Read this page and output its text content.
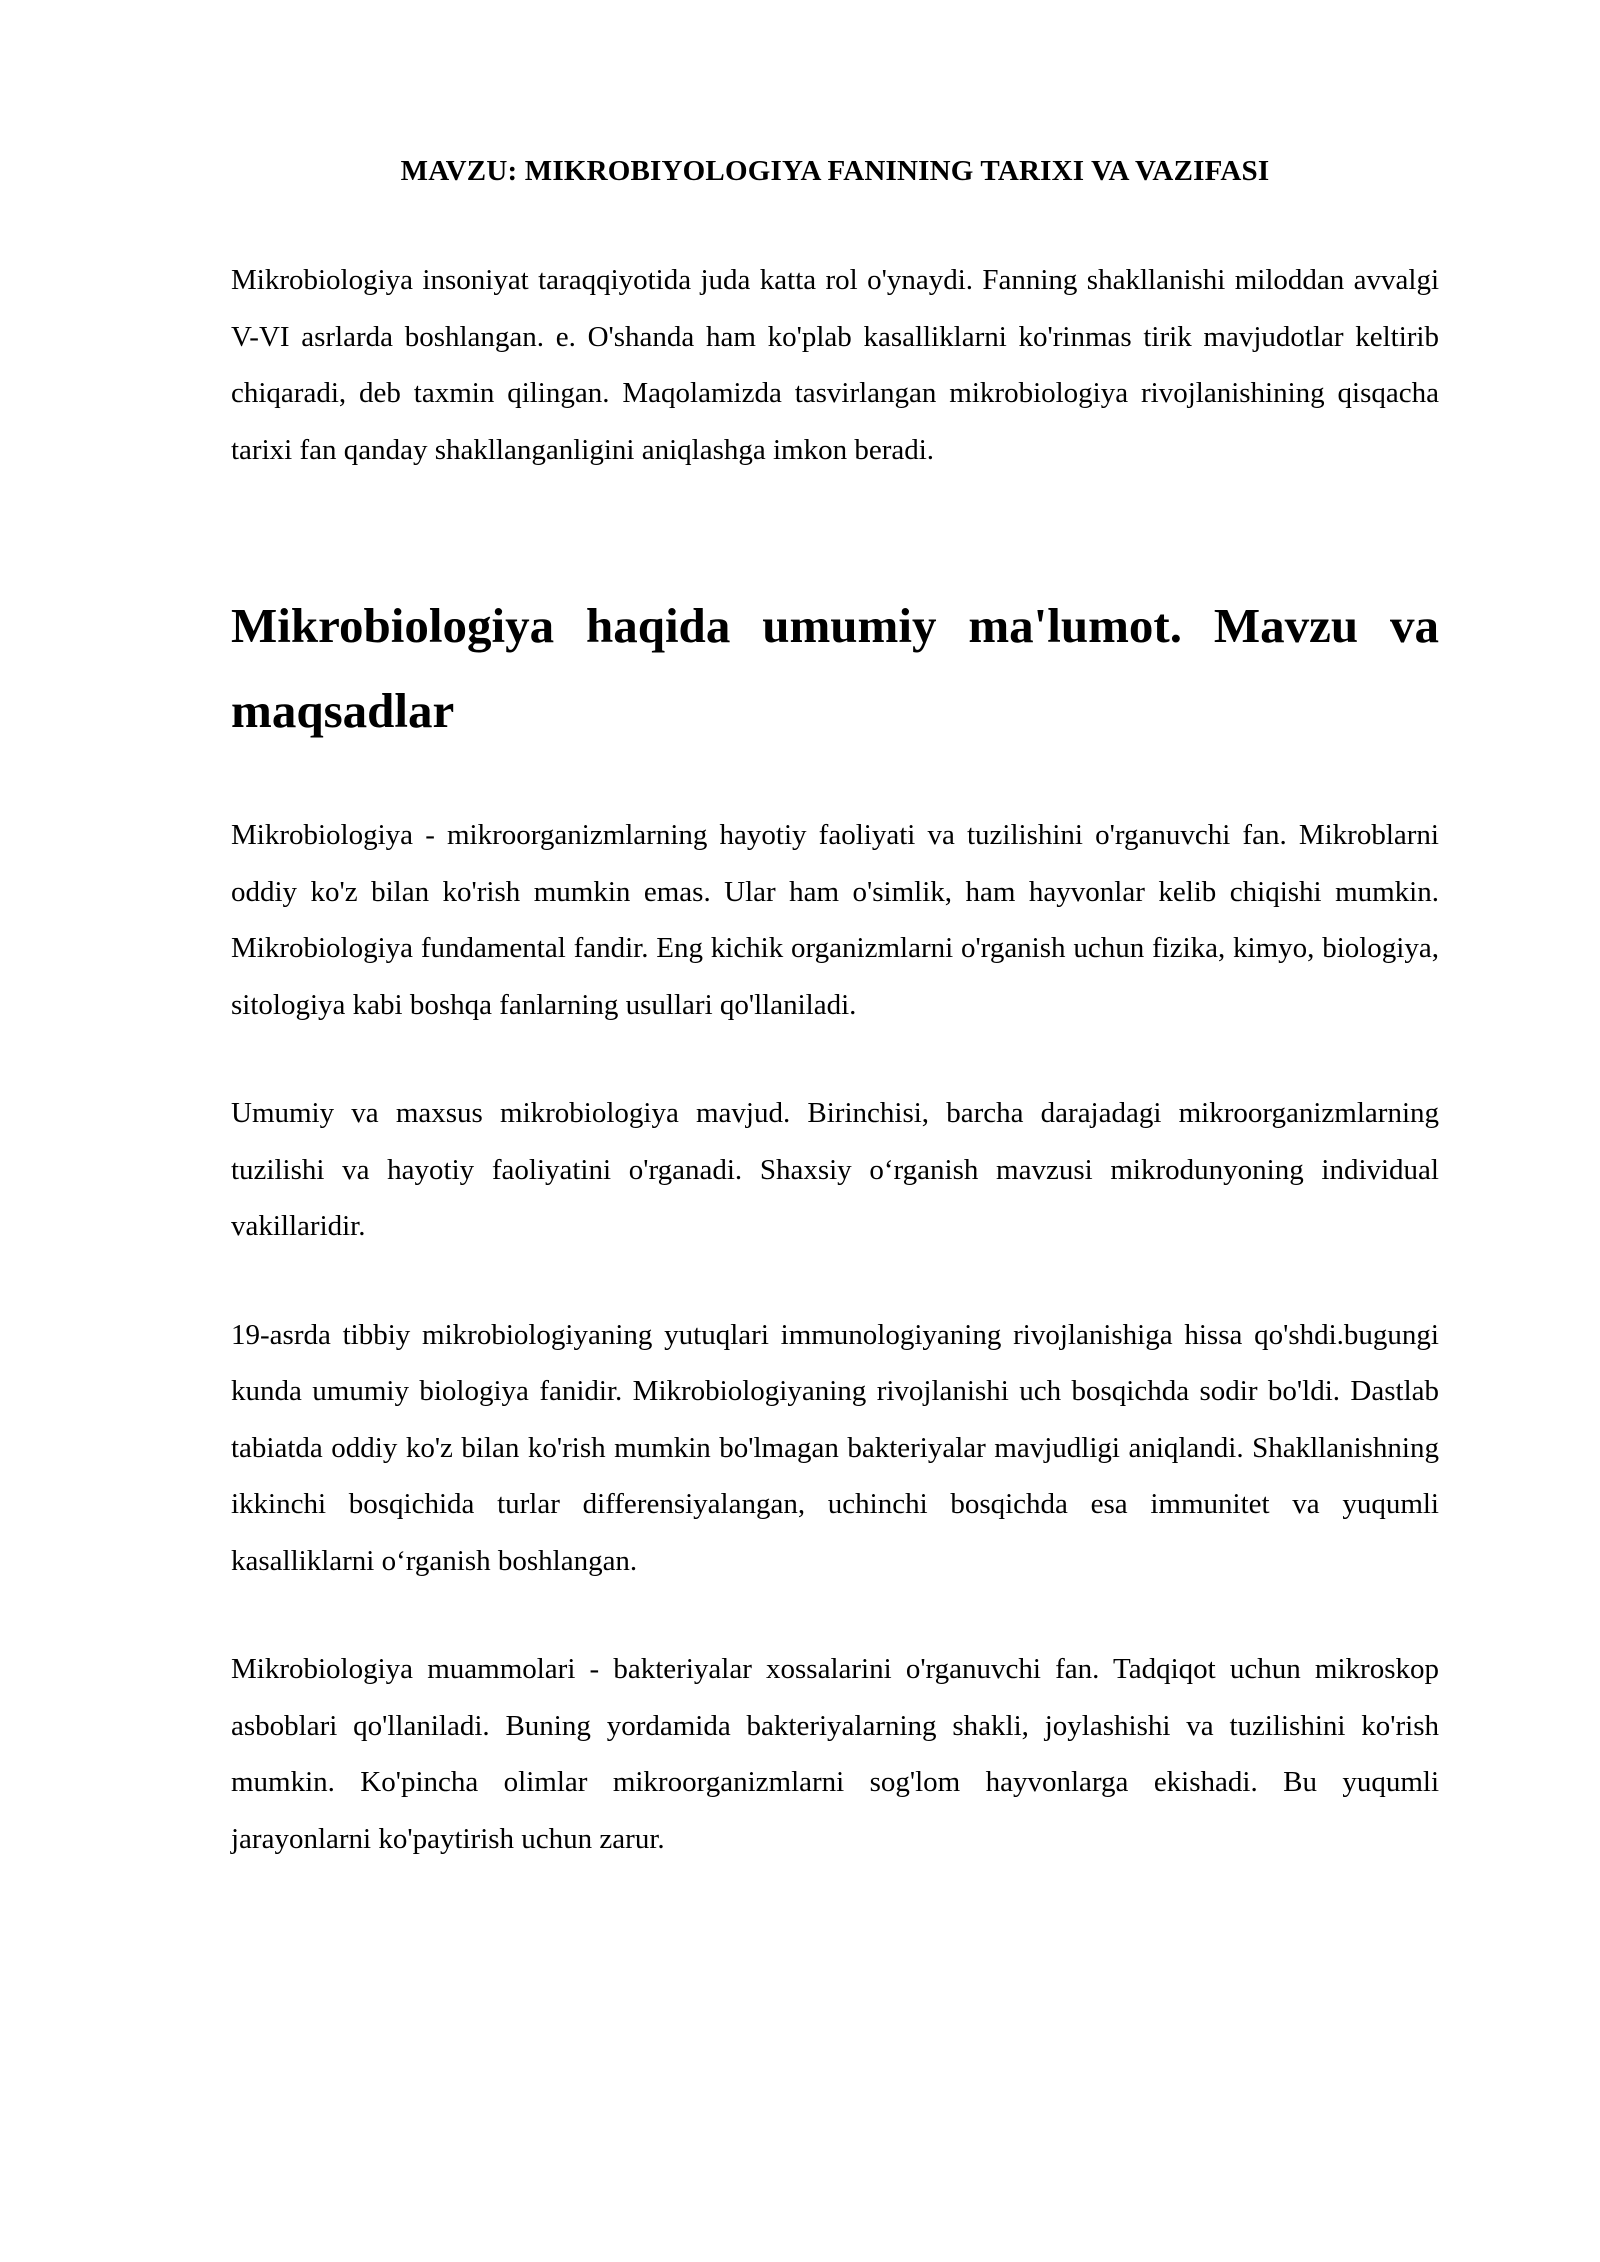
MAVZU: MIKROBIYOLOGIYA FANINING TARIXI VA VAZIFASI

Mikrobiologiya insoniyat taraqqiyotida juda katta rol o'ynaydi. Fanning shakllanishi miloddan avvalgi V-VI asrlarda boshlangan. e. O'shanda ham ko'plab kasalliklarni ko'rinmas tirik mavjudotlar keltirib chiqaradi, deb taxmin qilingan. Maqolamizda tasvirlangan mikrobiologiya rivojlanishining qisqacha tarixi fan qanday shakllanganligini aniqlashga imkon beradi.

Mikrobiologiya haqida umumiy ma'lumot. Mavzu va maqsadlar

Mikrobiologiya - mikroorganizmlarning hayotiy faoliyati va tuzilishini o'rganuvchi fan. Mikroblarni oddiy ko'z bilan ko'rish mumkin emas. Ular ham o'simlik, ham hayvonlar kelib chiqishi mumkin. Mikrobiologiya fundamental fandir. Eng kichik organizmlarni o'rganish uchun fizika, kimyo, biologiya, sitologiya kabi boshqa fanlarning usullari qo'llaniladi.

Umumiy va maxsus mikrobiologiya mavjud. Birinchisi, barcha darajadagi mikroorganizmlarning tuzilishi va hayotiy faoliyatini o'rganadi. Shaxsiy o‘rganish mavzusi mikrodunyoning individual vakillaridir.

19-asrda tibbiy mikrobiologiyaning yutuqlari immunologiyaning rivojlanishiga hissa qo'shdi.bugungi kunda umumiy biologiya fanidir. Mikrobiologiyaning rivojlanishi uch bosqichda sodir bo'ldi. Dastlab tabiatda oddiy ko'z bilan ko'rish mumkin bo'lmagan bakteriyalar mavjudligi aniqlandi. Shakllanishning ikkinchi bosqichida turlar differensiyalangan, uchinchi bosqichda esa immunitet va yuqumli kasalliklarni o‘rganish boshlangan.

Mikrobiologiya muammolari - bakteriyalar xossalarini o'rganuvchi fan. Tadqiqot uchun mikroskop asboblari qo'llaniladi. Buning yordamida bakteriyalarning shakli, joylashishi va tuzilishini ko'rish mumkin. Ko'pincha olimlar mikroorganizmlarni sog'lom hayvonlarga ekishadi. Bu yuqumli jarayonlarni ko'paytirish uchun zarur.
